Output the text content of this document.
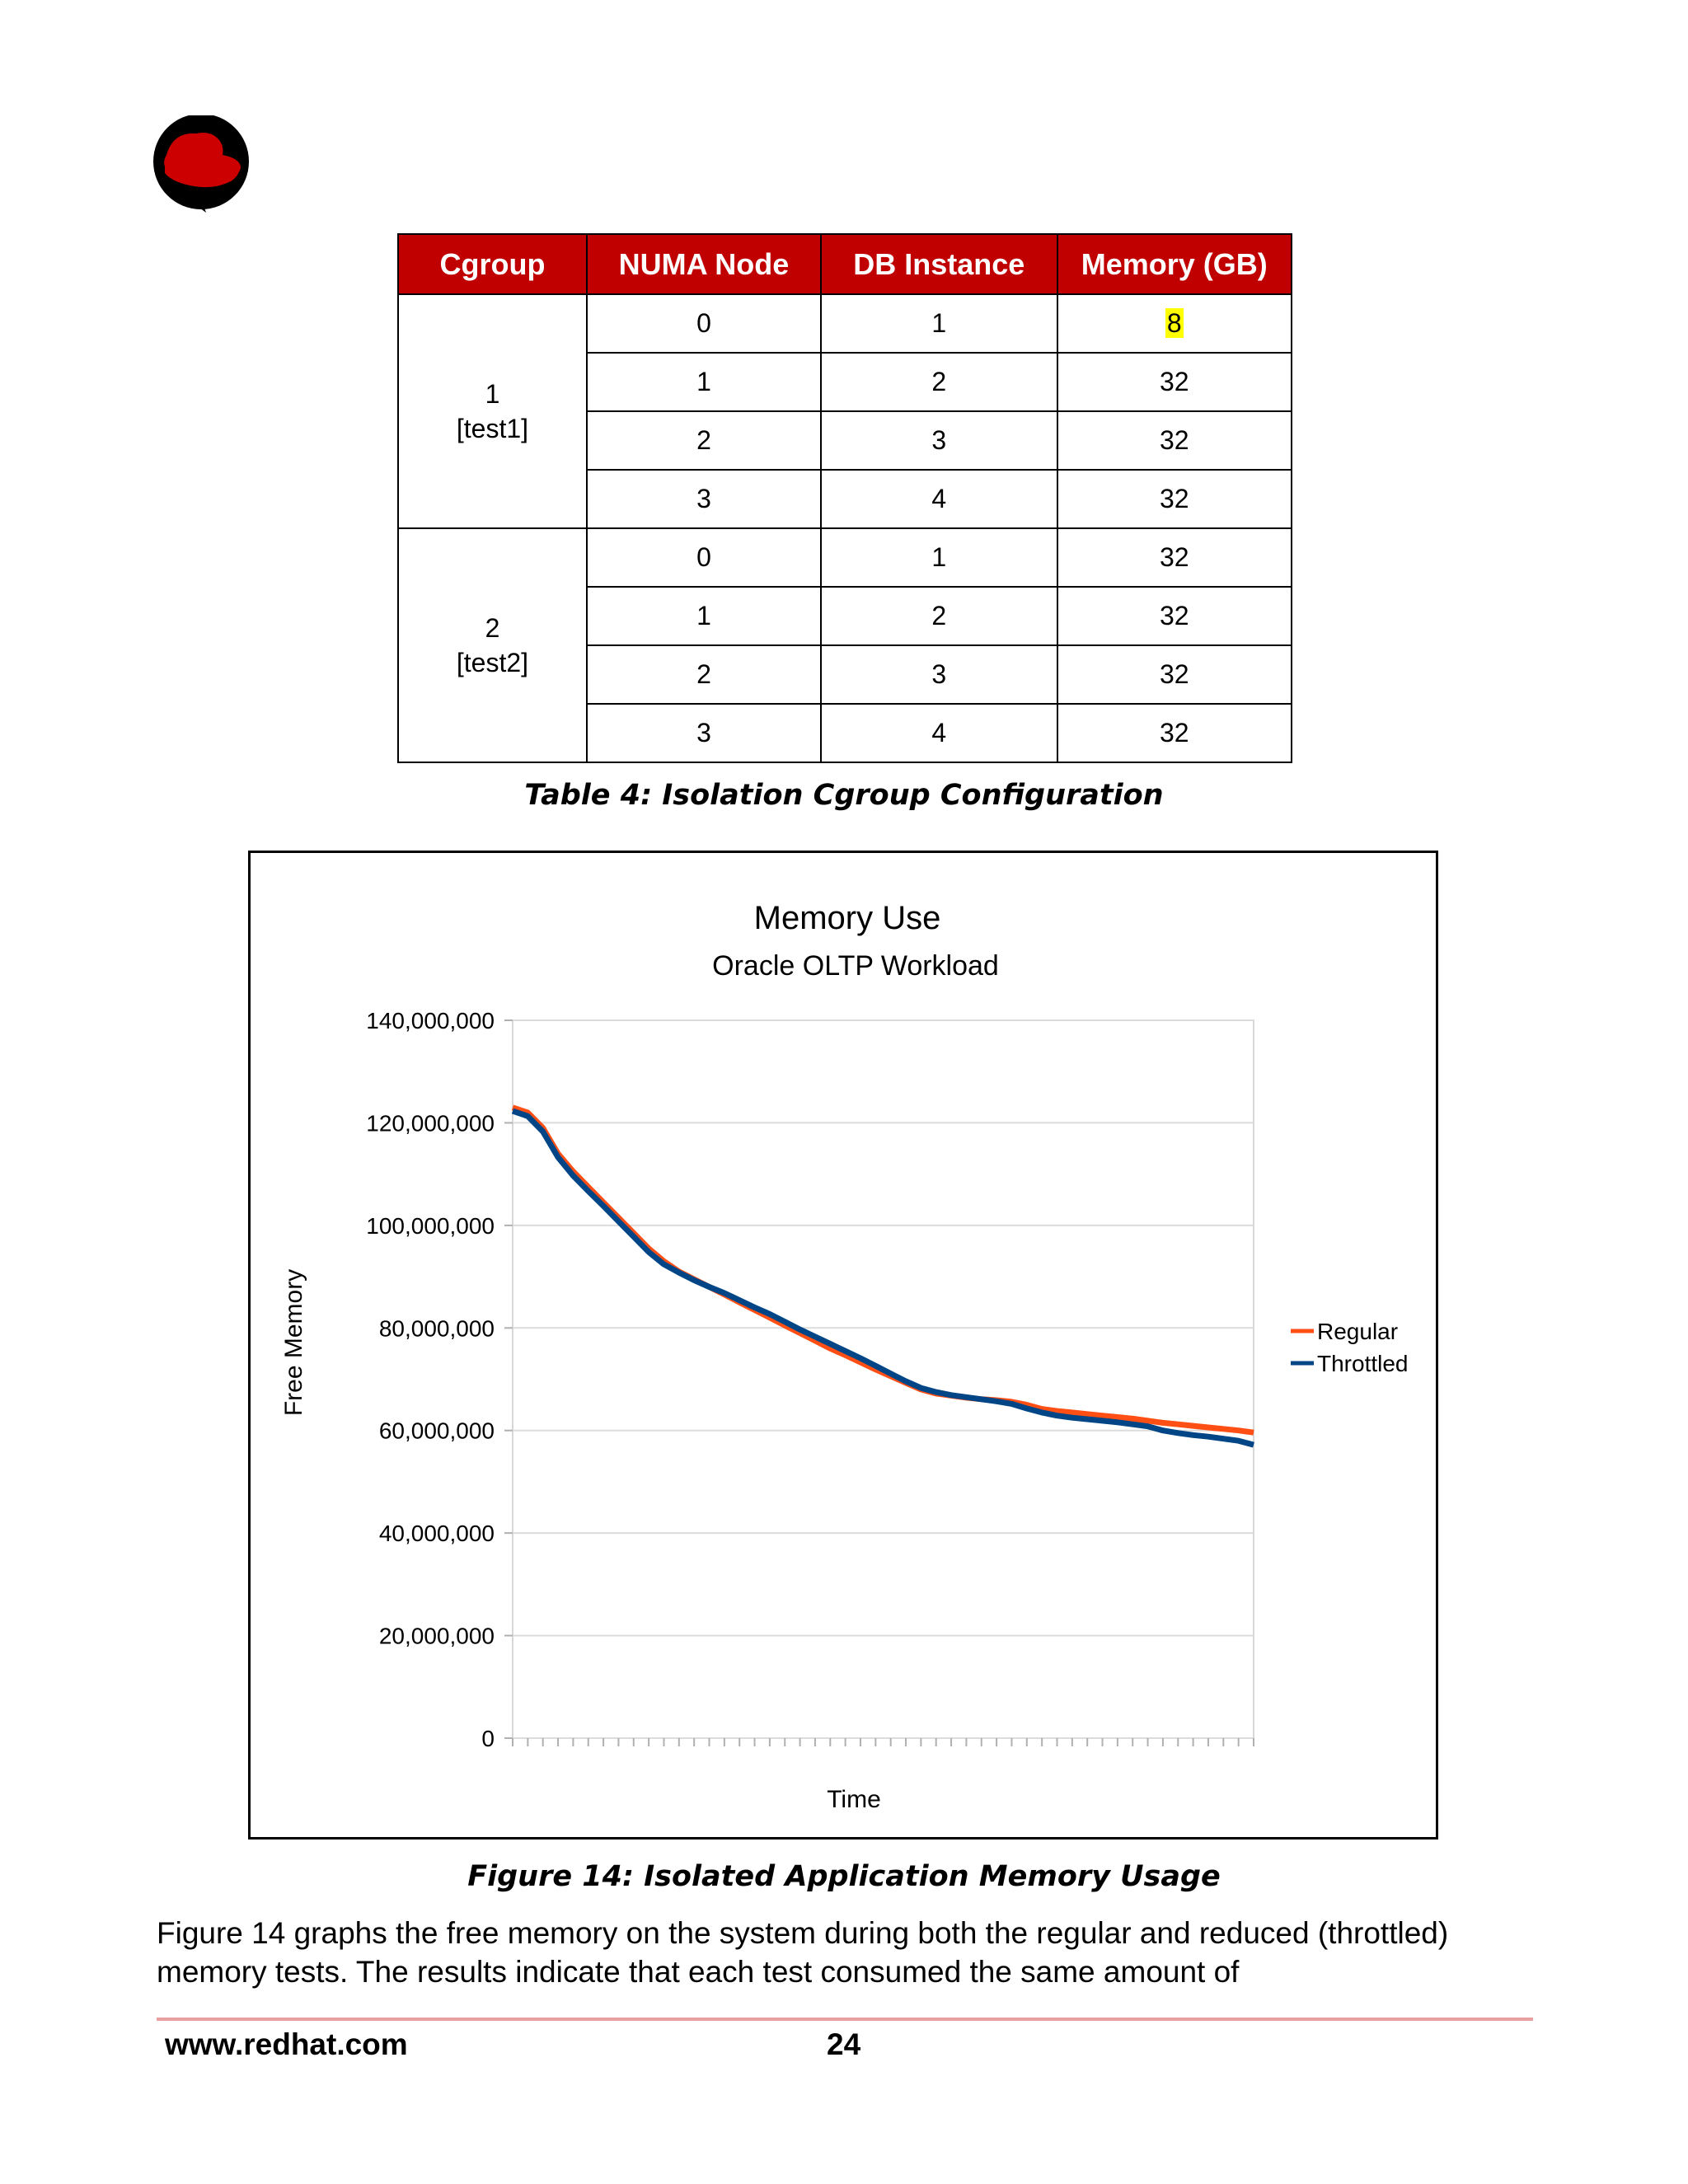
Cgroup	NUMA Node	DB Instance	Memory (GB)

1
[test1]	0	1	8
	1	2	32
	2	3	32
	3	4	32

2
[test2]	0	1	32
	1	2	32
	2	3	32
	3	4	32
Table 4: Isolation Cgroup Configuration
Memory Use
Oracle OLTP Workload
0
20,000,000
40,000,000
60,000,000
80,000,000
100,000,000
120,000,000
140,000,000
Time
Free Memory	Regular
Throttled
Figure 14: Isolated Application Memory Usage
Figure 14 graphs the free memory on the system during both the regular and reduced (throttled) memory tests. The results indicate that each test consumed the same amount of
www.redhat.com	24
